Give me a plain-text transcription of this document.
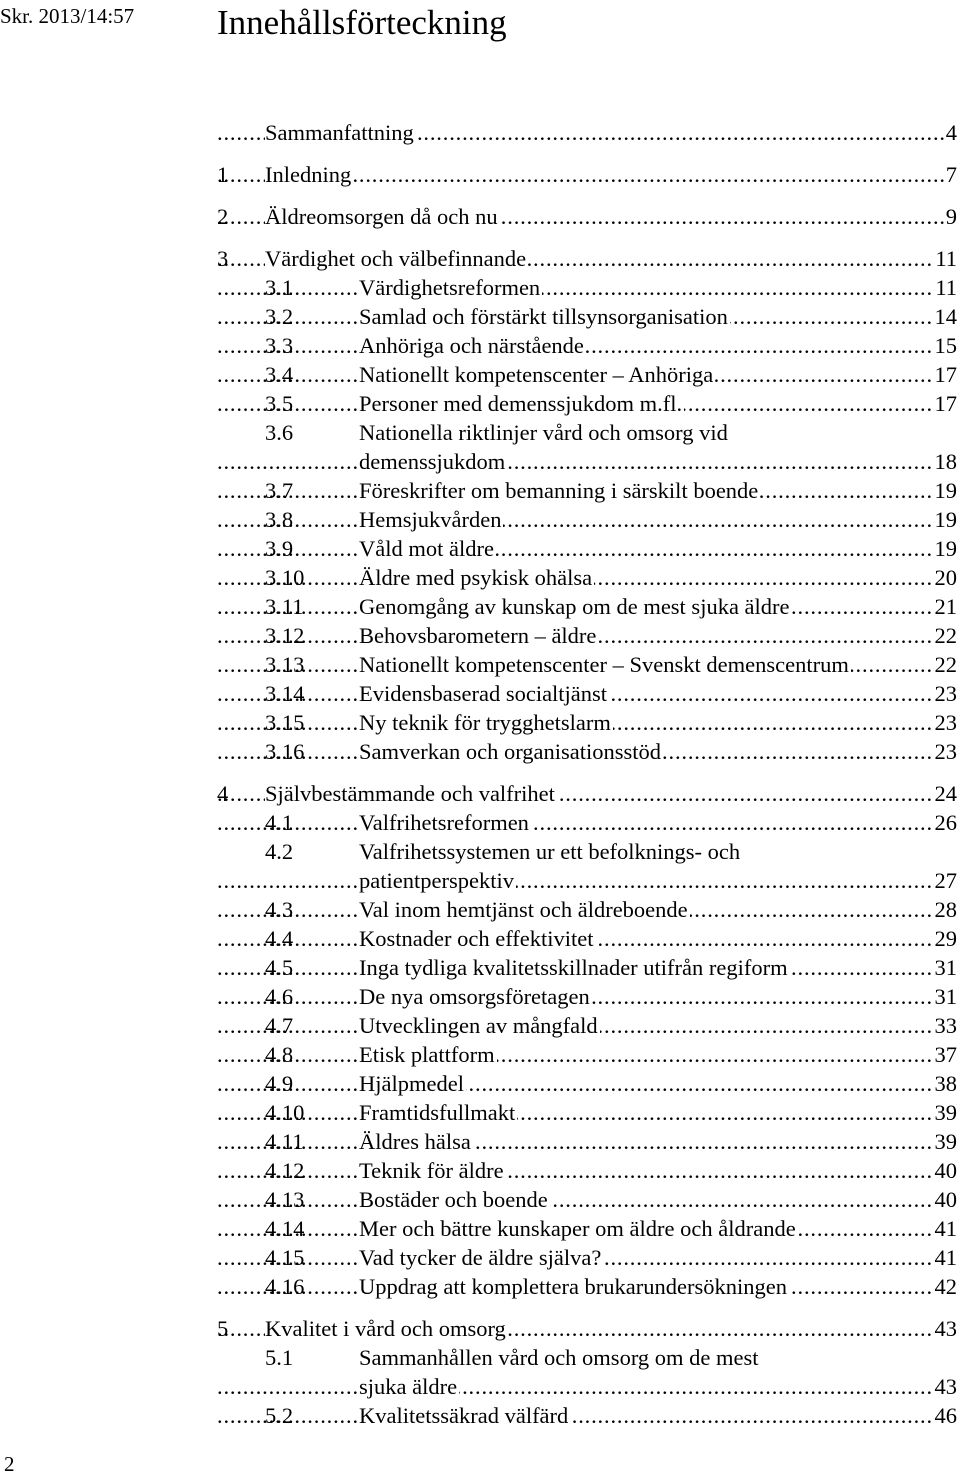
Skr. 2013/14:57 Innehållsförteckning
. . . Sammanfattning	4
1	. . . Inledning	7
2	. . . Äldreomsorgen då och nu	9
3	. . . Värdighet och välbefinnande	11
3.1	. . . Värdighetsreformen	11
3.2	. . . Samlad och förstärkt tillsynsorganisation	14
3.3	. . . Anhöriga och närstående	15
3.4	. . . Nationellt kompetenscenter – Anhöriga	17
3.5	. . . Personer med demenssjukdom m.fl.	17
3.6	Nationella riktlinjer vård och omsorg vid
. . . demenssjukdom	18
3.7	. . . Föreskrifter om bemanning i särskilt boende	19
3.8	. . . Hemsjukvården	19
3.9	. . . Våld mot äldre	19
3.10	. . . Äldre med psykisk ohälsa	20
3.11	. . . Genomgång av kunskap om de mest sjuka äldre	21
3.12	. . . Behovsbarometern – äldre	22
3.13	. . . Nationellt kompetenscenter – Svenskt demenscentrum	22
3.14	. . . Evidensbaserad socialtjänst	23
3.15	. . . Ny teknik för trygghetslarm	23
3.16	. . . Samverkan och organisationsstöd	23
4	. . . Självbestämmande och valfrihet	24
4.1	. . . Valfrihetsreformen	26
4.2	Valfrihetssystemen ur ett befolknings- och
. . . patientperspektiv	27
4.3	. . . Val inom hemtjänst och äldreboende	28
4.4	. . . Kostnader och effektivitet	29
4.5	. . . Inga tydliga kvalitetsskillnader utifrån regiform	31
4.6	. . . De nya omsorgsföretagen	31
4.7	. . . Utvecklingen av mångfald	33
4.8	. . . Etisk plattform	37
4.9	. . . Hjälpmedel	38
4.10	. . . Framtidsfullmakt	39
4.11	. . . Äldres hälsa	39
4.12	. . . Teknik för äldre	40
4.13	. . . Bostäder och boende	40
4.14	. . . Mer och bättre kunskaper om äldre och åldrande	41
4.15	. . . Vad tycker de äldre själva?	41
4.16	. . . Uppdrag att komplettera brukarundersökningen	42
5	. . . Kvalitet i vård och omsorg	43
5.1	Sammanhållen vård och omsorg om de mest
. . . sjuka äldre	43
5.2	. . . Kvalitetssäkrad välfärd	46
2
